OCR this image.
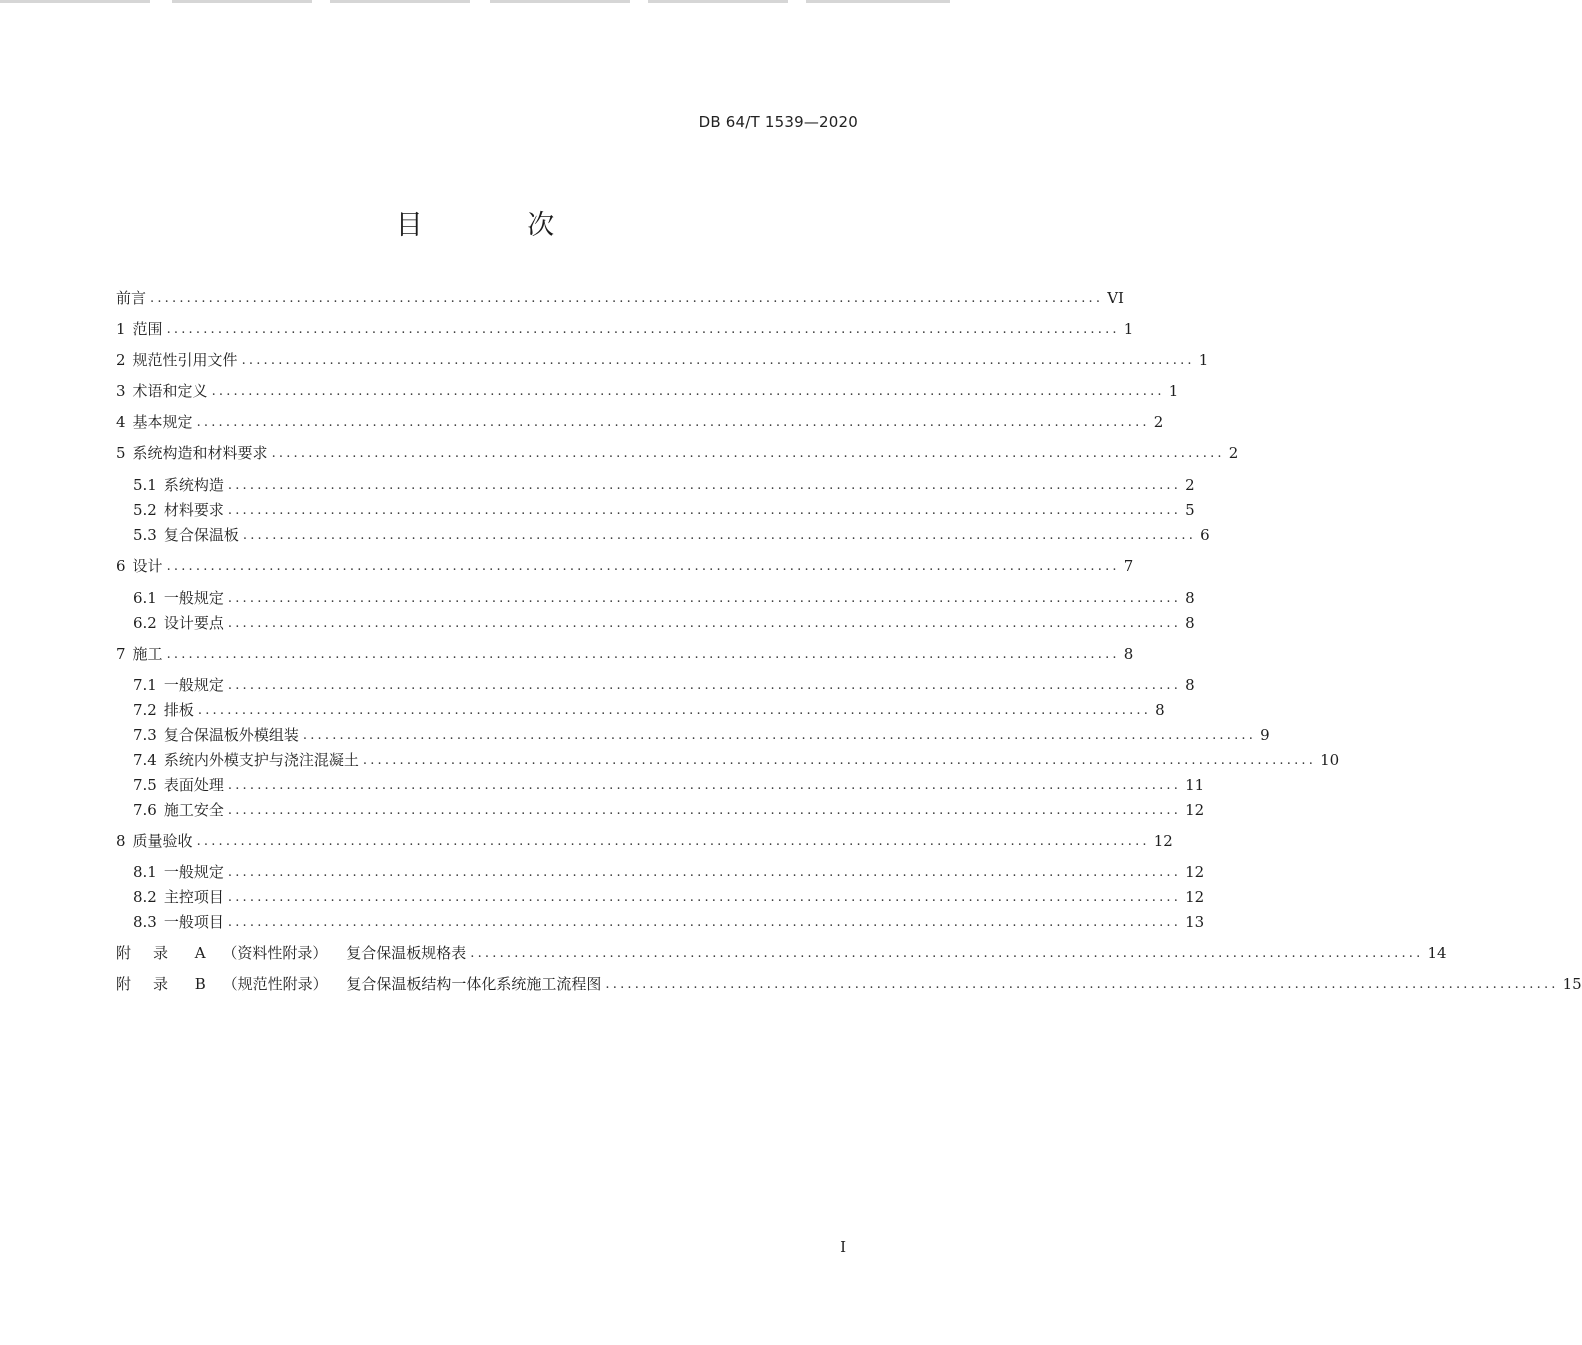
DB 64/T 1539—2020
目 次
前言 .................................................................................................................................. VI
1 范围 .................................................................................................................................. 1
2 规范性引用文件 .................................................................................................................................. 1
3 术语和定义 .................................................................................................................................. 1
4 基本规定 .................................................................................................................................. 2
5 系统构造和材料要求 .................................................................................................................................. 2
5.1 系统构造 .................................................................................................................................. 2
5.2 材料要求 .................................................................................................................................. 5
5.3 复合保温板 .................................................................................................................................. 6
6 设计 .................................................................................................................................. 7
6.1 一般规定 .................................................................................................................................. 8
6.2 设计要点 .................................................................................................................................. 8
7 施工 .................................................................................................................................. 8
7.1 一般规定 .................................................................................................................................. 8
7.2 排板 .................................................................................................................................. 8
7.3 复合保温板外模组装 .................................................................................................................................. 9
7.4 系统内外模支护与浇注混凝土 .................................................................................................................................. 10
7.5 表面处理 .................................................................................................................................. 11
7.6 施工安全 .................................................................................................................................. 12
8 质量验收 .................................................................................................................................. 12
8.1 一般规定 .................................................................................................................................. 12
8.2 主控项目 .................................................................................................................................. 12
8.3 一般项目 .................................................................................................................................. 13
附录 A （资料性附录） 复合保温板规格表 .................................................................................................................................. 14
附录 B （规范性附录） 复合保温板结构一体化系统施工流程图 .................................................................................................................................. 15
I
